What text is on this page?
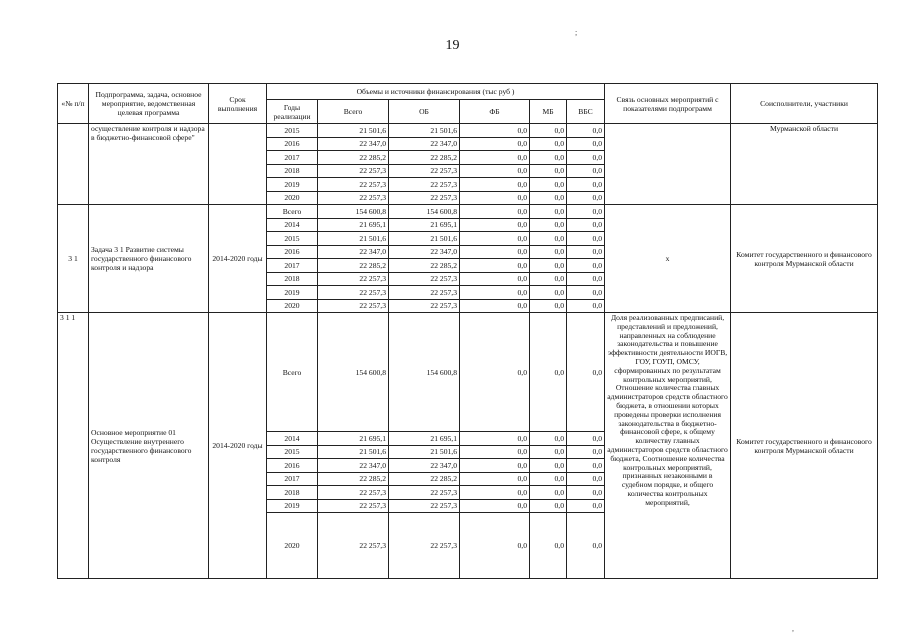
19
;
,
«№ п/п	Подпрограмма, задача, основное мероприятие, ведомственная целевая программа	Срок выполнения	Объемы и источники финансирования (тыс руб )						Связь основных мероприятий с показателями подпрограмм	Соисполнители, участники
			Годы реализации	Всего	ОБ	ФБ	МБ	ВБС		
	осуществление контроля и надзора в бюджетно-финансовой сфере"		2015	21 501,6	21 501,6	0,0	0,0	0,0		Мурманской области
			2016	22 347,0	22 347,0	0,0	0,0	0,0		
			2017	22 285,2	22 285,2	0,0	0,0	0,0		
			2018	22 257,3	22 257,3	0,0	0,0	0,0		
			2019	22 257,3	22 257,3	0,0	0,0	0,0		
			2020	22 257,3	22 257,3	0,0	0,0	0,0		
3 1	Задача 3 1 Развитие системы государственного финансового контроля и надзора	2014-2020 годы	Всего	154 600,8	154 600,8	0,0	0,0	0,0	х	Комитет государственного и финансового контроля Мурманской области
			2014	21 695,1	21 695,1	0,0	0,0	0,0		
			2015	21 501,6	21 501,6	0,0	0,0	0,0		
			2016	22 347,0	22 347,0	0,0	0,0	0,0		
			2017	22 285,2	22 285,2	0,0	0,0	0,0		
			2018	22 257,3	22 257,3	0,0	0,0	0,0		
			2019	22 257,3	22 257,3	0,0	0,0	0,0		
			2020	22 257,3	22 257,3	0,0	0,0	0,0		
3 1 1	Основное мероприятие 01 Осуществление внутреннего государственного финансового контроля	2014-2020 годы	Всего	154 600,8	154 600,8	0,0	0,0	0,0	Доля реализованных предписаний, представлений и предложений, направленных на соблюдение законодательства и повышение эффективности деятельности ИОГВ, ГОУ, ГОУП, ОМСУ, сформированных по результатам контрольных мероприятий, Отношение количества главных администраторов средств областного бюджета, в отношении которых проведены проверки исполнения законодательства в бюджетно-финансовой сфере, к общему количеству главных администраторов средств областного бюджета, Соотношение количества контрольных мероприятий, признанных незаконными в судебном порядке, и общего количества контрольных мероприятий,	Комитет государственного и финансового контроля Мурманской области
			2014	21 695,1	21 695,1	0,0	0,0	0,0		
			2015	21 501,6	21 501,6	0,0	0,0	0,0		
			2016	22 347,0	22 347,0	0,0	0,0	0,0		
			2017	22 285,2	22 285,2	0,0	0,0	0,0		
			2018	22 257,3	22 257,3	0,0	0,0	0,0		
			2019	22 257,3	22 257,3	0,0	0,0	0,0		
			2020	22 257,3	22 257,3	0,0	0,0	0,0		
